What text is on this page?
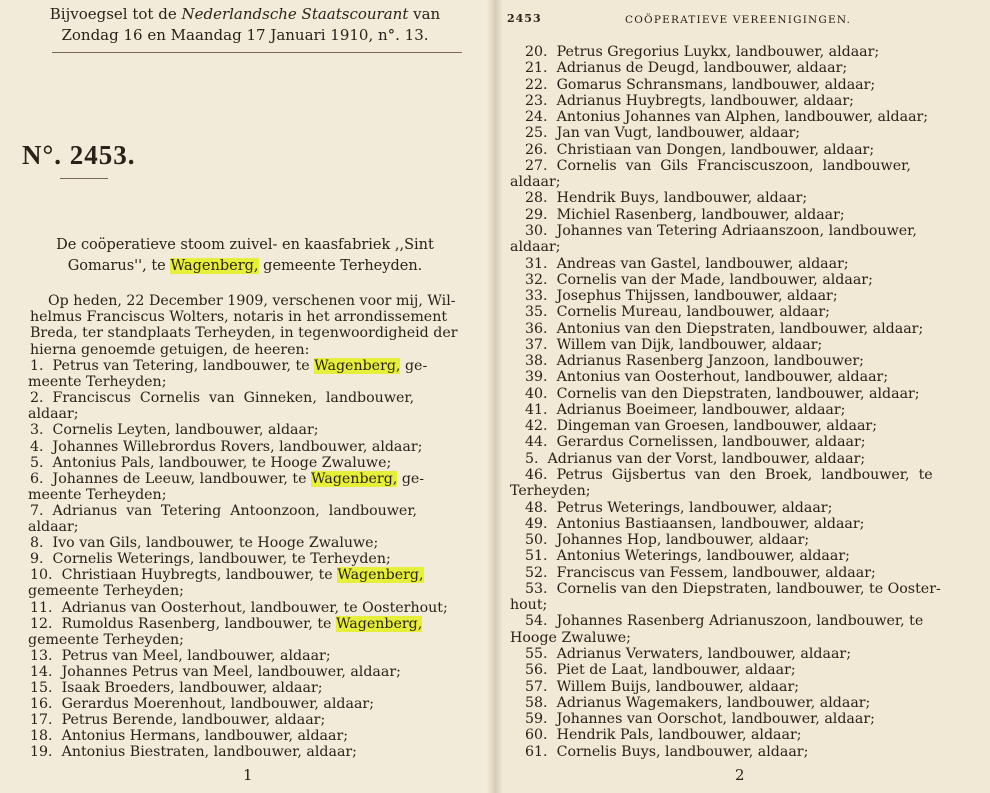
Bijvoegsel tot de Nederlandsche Staatscourant van
Zondag 16 en Maandag 17 Januari 1910, n°. 13.
N°. 2453.
De coöperatieve stoom zuivel- en kaasfabriek ,,Sint
Gomarus'', te Wagenberg, gemeente Terheyden.
Op heden, 22 December 1909, verschenen voor mij, Wil-
helmus Franciscus Wolters, notaris in het arrondissement
Breda, ter standplaats Terheyden, in tegenwoordigheid der
hierna genoemde getuigen, de heeren:
1.  Petrus van Tetering, landbouwer, te Wagenberg, ge-
meente Terheyden;
2.  Franciscus  Cornelis  van  Ginneken,  landbouwer,
aldaar;
3.  Cornelis Leyten, landbouwer, aldaar;
4.  Johannes Willebrordus Rovers, landbouwer, aldaar;
5.  Antonius Pals, landbouwer, te Hooge Zwaluwe;
6.  Johannes de Leeuw, landbouwer, te Wagenberg, ge-
meente Terheyden;
7.  Adrianus  van  Tetering  Antoonzoon,  landbouwer,
aldaar;
8.  Ivo van Gils, landbouwer, te Hooge Zwaluwe;
9.  Cornelis Weterings, landbouwer, te Terheyden;
10.  Christiaan Huybregts, landbouwer, te Wagenberg,
gemeente Terheyden;
11.  Adrianus van Oosterhout, landbouwer, te Oosterhout;
12.  Rumoldus Rasenberg, landbouwer, te Wagenberg,
gemeente Terheyden;
13.  Petrus van Meel, landbouwer, aldaar;
14.  Johannes Petrus van Meel, landbouwer, aldaar;
15.  Isaak Broeders, landbouwer, aldaar;
16.  Gerardus Moerenhout, landbouwer, aldaar;
17.  Petrus Berende, landbouwer, aldaar;
18.  Antonius Hermans, landbouwer, aldaar;
19.  Antonius Biestraten, landbouwer, aldaar;
1
20.  Petrus Gregorius Luykx, landbouwer, aldaar;
21.  Adrianus de Deugd, landbouwer, aldaar;
22.  Gomarus Schransmans, landbouwer, aldaar;
23.  Adrianus Huybregts, landbouwer, aldaar;
24.  Antonius Johannes van Alphen, landbouwer, aldaar;
25.  Jan van Vugt, landbouwer, aldaar;
26.  Christiaan van Dongen, landbouwer, aldaar;
27.  Cornelis  van  Gils  Franciscuszoon,  landbouwer,
aldaar;
28.  Hendrik Buys, landbouwer, aldaar;
29.  Michiel Rasenberg, landbouwer, aldaar;
30.  Johannes van Tetering Adriaanszoon, landbouwer,
aldaar;
31.  Andreas van Gastel, landbouwer, aldaar;
32.  Cornelis van der Made, landbouwer, aldaar;
33.  Josephus Thijssen, landbouwer, aldaar;
35.  Cornelis Mureau, landbouwer, aldaar;
36.  Antonius van den Diepstraten, landbouwer, aldaar;
37.  Willem van Dijk, landbouwer, aldaar;
38.  Adrianus Rasenberg Janzoon, landbouwer;
39.  Antonius van Oosterhout, landbouwer, aldaar;
40.  Cornelis van den Diepstraten, landbouwer, aldaar;
41.  Adrianus Boeimeer, landbouwer, aldaar;
42.  Dingeman van Groesen, landbouwer, aldaar;
44.  Gerardus Cornelissen, landbouwer, aldaar;
5.  Adrianus van der Vorst, landbouwer, aldaar;
46.  Petrus  Gijsbertus  van  den  Broek,  landbouwer,  te
Terheyden;
48.  Petrus Weterings, landbouwer, aldaar;
49.  Antonius Bastiaansen, landbouwer, aldaar;
50.  Johannes Hop, landbouwer, aldaar;
51.  Antonius Weterings, landbouwer, aldaar;
52.  Franciscus van Fessem, landbouwer, aldaar;
53.  Cornelis van den Diepstraten, landbouwer, te Ooster-
hout;
54.  Johannes Rasenberg Adrianuszoon, landbouwer, te
Hooge Zwaluwe;
55.  Adrianus Verwaters, landbouwer, aldaar;
56.  Piet de Laat, landbouwer, aldaar;
57.  Willem Buijs, landbouwer, aldaar;
58.  Adrianus Wagemakers, landbouwer, aldaar;
59.  Johannes van Oorschot, landbouwer, aldaar;
60.  Hendrik Pals, landbouwer, aldaar;
61.  Cornelis Buys, landbouwer, aldaar;
2
2453	COÖPERATIEVE VEREENIGINGEN.
